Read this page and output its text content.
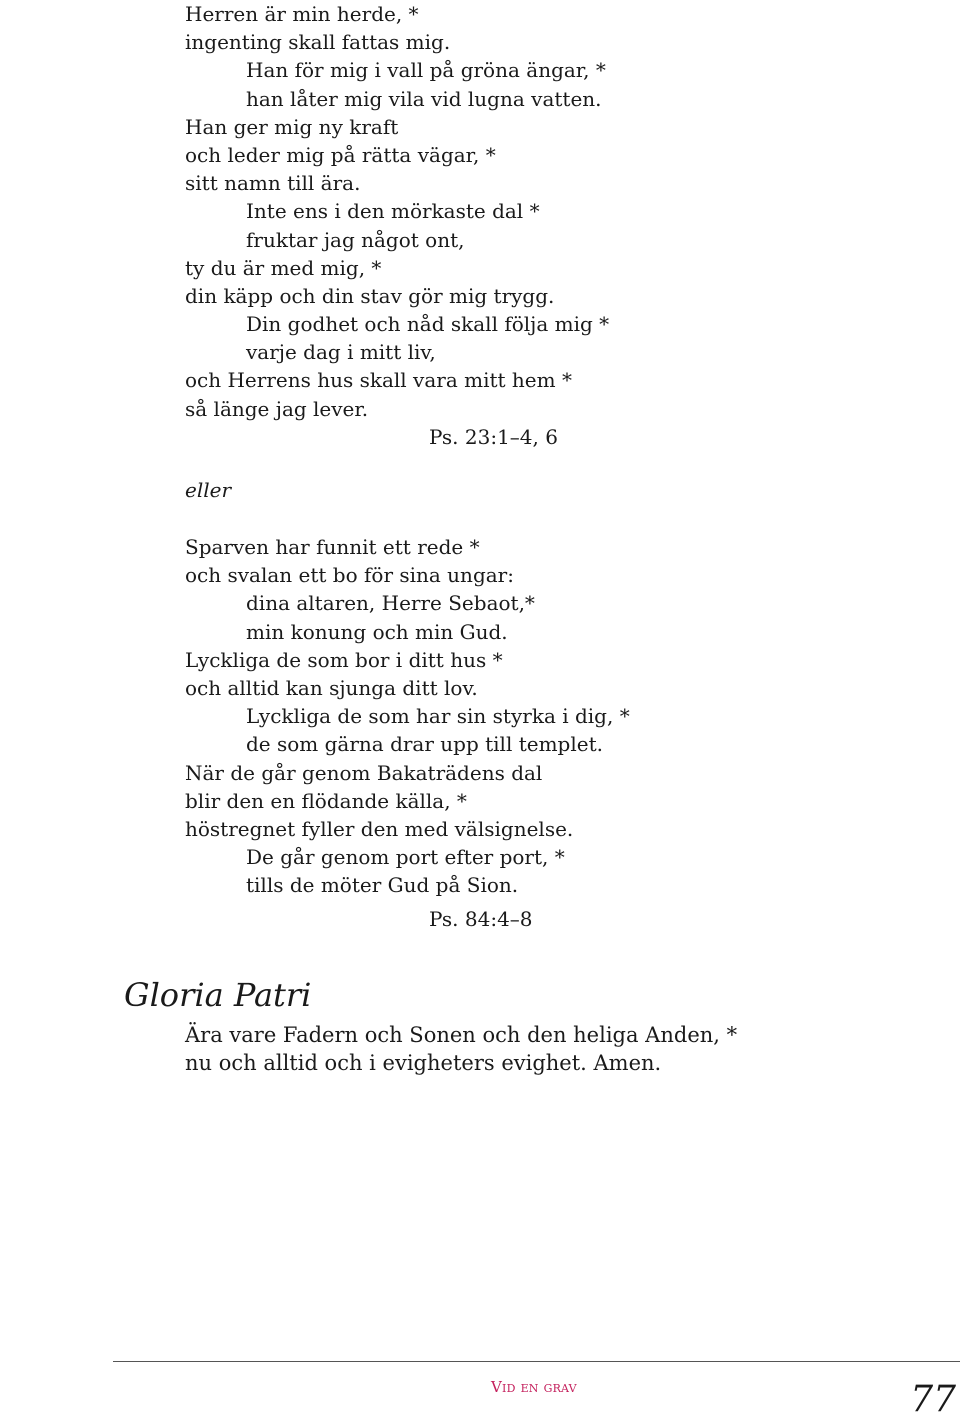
Herren är min herde, *
ingenting skall fattas mig.
Han för mig i vall på gröna ängar, *
han låter mig vila vid lugna vatten.
Han ger mig ny kraft
och leder mig på rätta vägar, *
sitt namn till ära.
Inte ens i den mörkaste dal *
fruktar jag något ont,
ty du är med mig, *
din käpp och din stav gör mig trygg.
Din godhet och nåd skall följa mig *
varje dag i mitt liv,
och Herrens hus skall vara mitt hem *
så länge jag lever.
Ps. 23:1–4, 6
eller
Sparven har funnit ett rede *
och svalan ett bo för sina ungar:
dina altaren, Herre Sebaot,*
min konung och min Gud.
Lyckliga de som bor i ditt hus *
och alltid kan sjunga ditt lov.
Lyckliga de som har sin styrka i dig, *
de som gärna drar upp till templet.
När de går genom Bakaträdens dal
blir den en flödande källa, *
höstregnet fyller den med välsignelse.
De går genom port efter port, *
tills de möter Gud på Sion.
Ps. 84:4–8
Gloria Patri
Ära vare Fadern och Sonen och den heliga Anden, *
nu och alltid och i evigheters evighet. Amen.
Vid en grav	77
